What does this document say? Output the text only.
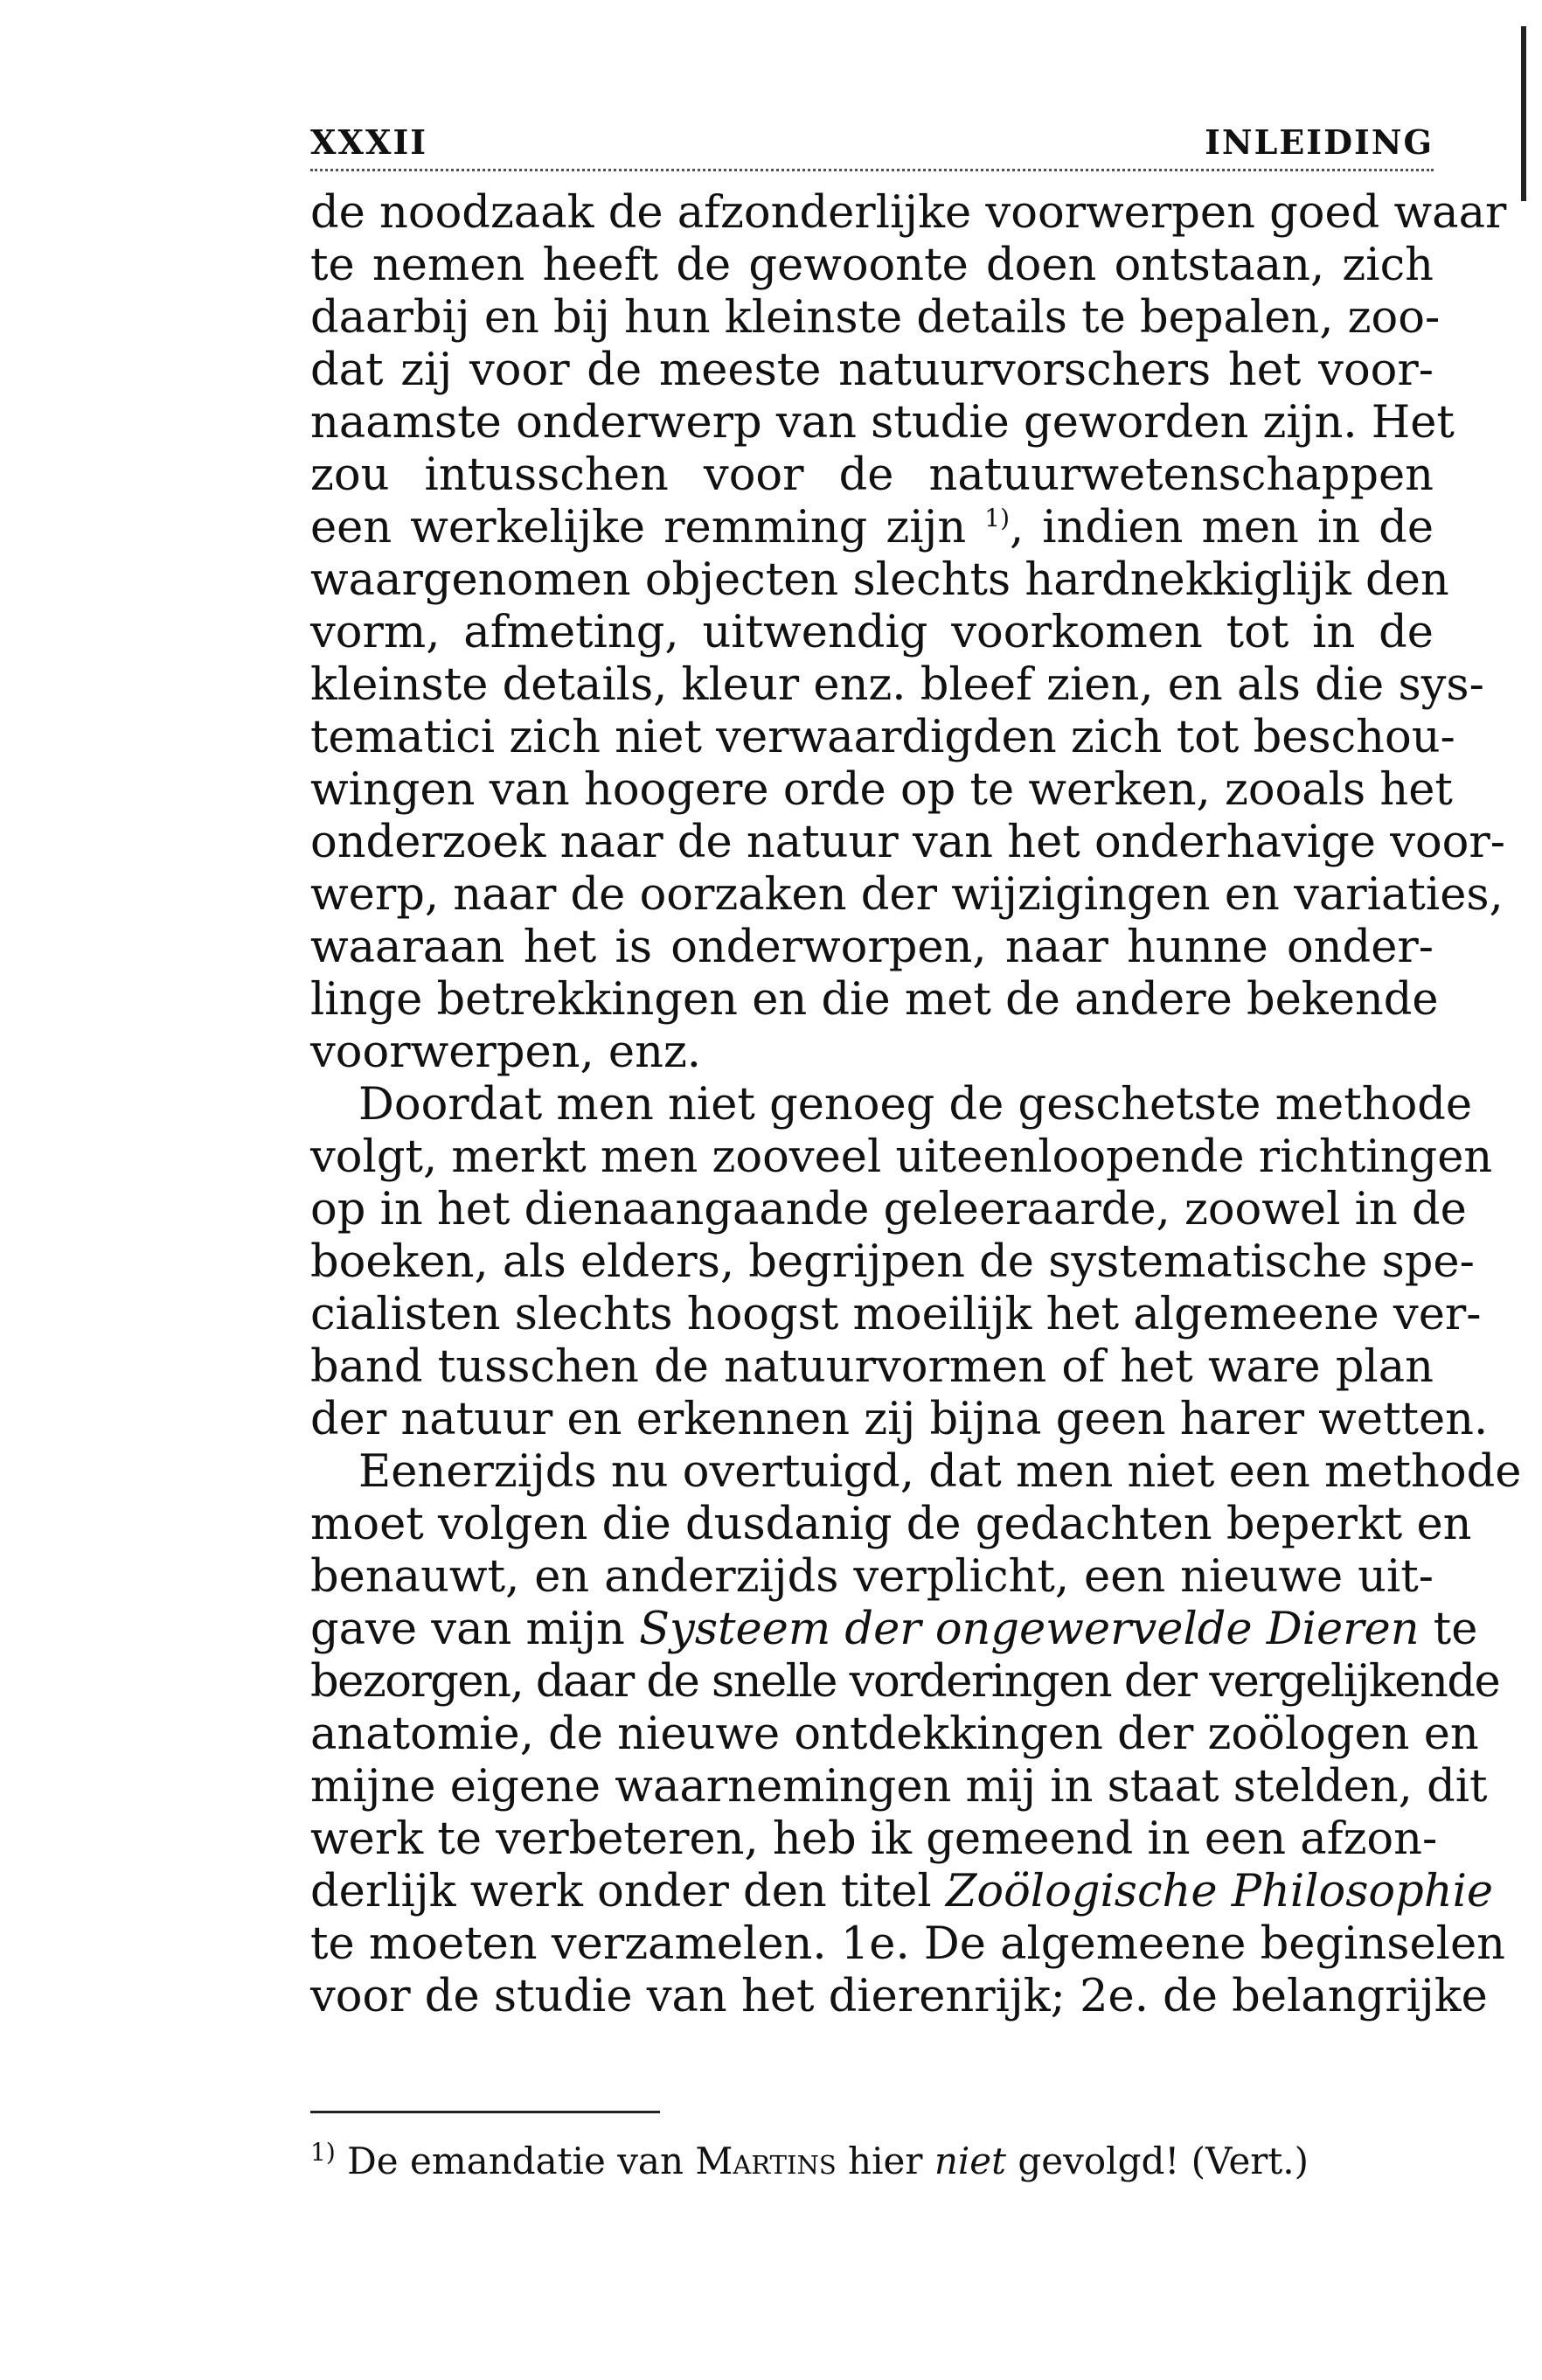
XXXII	INLEIDING
de noodzaak de afzonderlijke voorwerpen goed waar
te nemen heeft de gewoonte doen ontstaan, zich
daarbij en bij hun kleinste details te bepalen, zoo-
dat zij voor de meeste natuurvorschers het voor-
naamste onderwerp van studie geworden zijn. Het
zou intusschen voor de natuurwetenschappen
een werkelijke remming zijn $^{1)}$, indien men in de
waargenomen objecten slechts hardnekkiglijk den
vorm, afmeting, uitwendig voorkomen tot in de
kleinste details, kleur enz. bleef zien, en als die sys-
tematici zich niet verwaardigden zich tot beschou-
wingen van hoogere orde op te werken, zooals het
onderzoek naar de natuur van het onderhavige voor-
werp, naar de oorzaken der wijzigingen en variaties,
waaraan het is onderworpen, naar hunne onder-
linge betrekkingen en die met de andere bekende
voorwerpen, enz.
Doordat men niet genoeg de geschetste methode
volgt, merkt men zooveel uiteenloopende richtingen
op in het dienaangaande geleeraarde, zoowel in de
boeken, als elders, begrijpen de systematische spe-
cialisten slechts hoogst moeilijk het algemeene ver-
band tusschen de natuurvormen of het ware plan
der natuur en erkennen zij bijna geen harer wetten.
Eenerzijds nu overtuigd, dat men niet een methode
moet volgen die dusdanig de gedachten beperkt en
benauwt, en anderzijds verplicht, een nieuwe uit-
gave van mijn Systeem der ongewervelde Dieren te
bezorgen, daar de snelle vorderingen der vergelijkende
anatomie, de nieuwe ontdekkingen der zoölogen en
mijne eigene waarnemingen mij in staat stelden, dit
werk te verbeteren, heb ik gemeend in een afzon-
derlijk werk onder den titel Zoölogische Philosophie
te moeten verzamelen. 1e. De algemeene beginselen
voor de studie van het dierenrijk; 2e. de belangrijke
$^{1)}$ De emandatie van Martins hier niet gevolgd! (Vert.)
